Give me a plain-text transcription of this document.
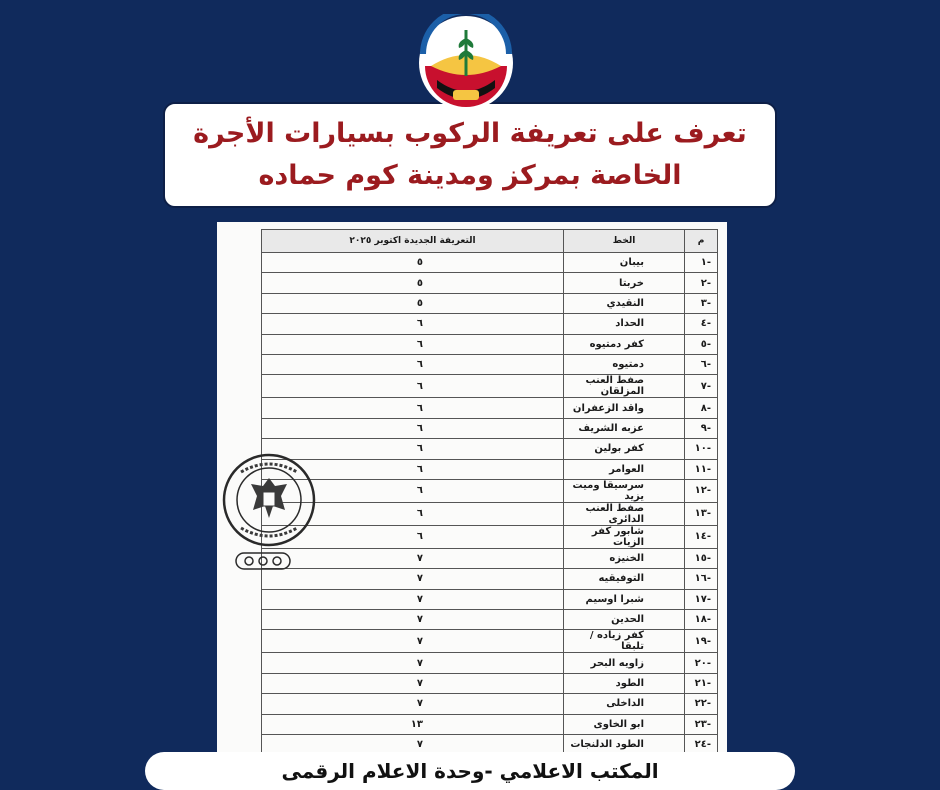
تعرف على تعريفة الركوب بسيارات الأجرة
الخاصة بمركز ومدينة كوم حماده
م	الخط	التعريفة الجديدة اكتوبر ٢٠٢٥
-١	بيبان	٥
-٢	خربتا	٥
-٣	النقيدي	٥
-٤	الحداد	٦
-٥	كفر دمتيوه	٦
-٦	دمتيوه	٦
-٧	صفط العنب المزلقان	٦
-٨	واقد الزعفران	٦
-٩	عزبه الشريف	٦
-١٠	كفر بولين	٦
-١١	العوامر	٦
-١٢	سرسيقا وميت يزيد	٦
-١٣	صفط العنب الدائرى	٦
-١٤	شابور كفر الزيات	٦
-١٥	الخنيزه	٧
-١٦	التوفيقيه	٧
-١٧	شبرا اوسيم	٧
-١٨	الحدين	٧
-١٩	كفر زياده / تلبقا	٧
-٢٠	زاويه البحر	٧
-٢١	الطود	٧
-٢٢	الداخلى	٧
-٢٣	ابو الخاوى	١٣
-٢٤	الطود الدلنجات	٧

المكتب الاعلامي -وحدة الاعلام الرقمى
